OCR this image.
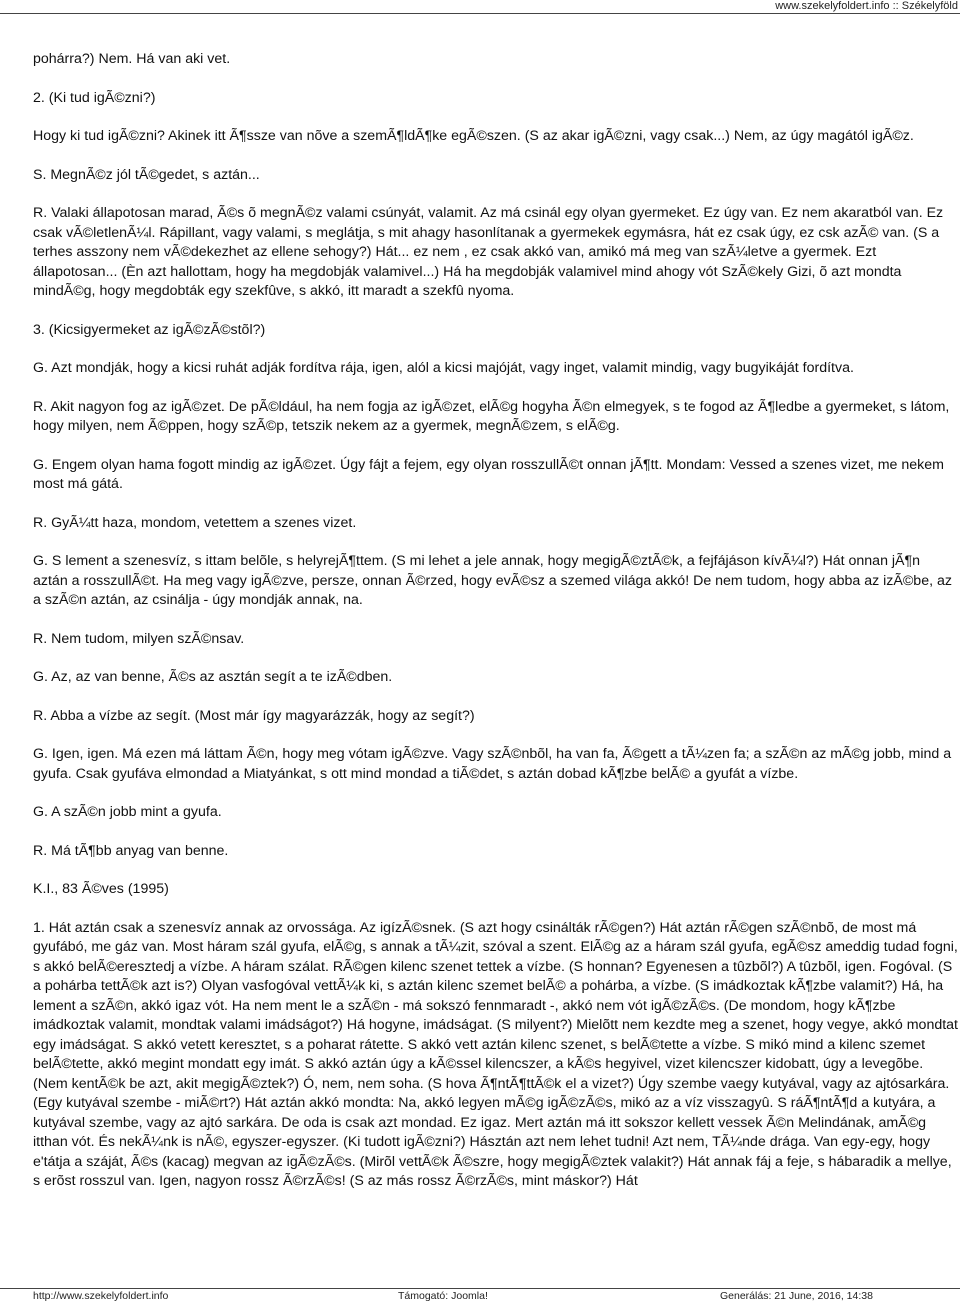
www.szekelyfoldert.info :: Székelyföld

pohárra?) Nem. Há van aki vet.

2. (Ki tud igÃ©zni?)

Hogy ki tud igÃ©zni? Akinek itt Ã¶ssze van nõve a szemÃ¶ldÃ¶ke egÃ©szen. (S az akar igÃ©zni, vagy csak...) Nem, az úgy magától igÃ©z.

S. MegnÃ©z jól tÃ©gedet, s aztán...

R. Valaki állapotosan marad, Ã©s õ megnÃ©z valami csúnyát, valamit. Az má csinál egy olyan gyermeket. Ez úgy van. Ez nem akaratból van. Ez csak vÃ©letlenÃ¼l. Rápillant, vagy valami, s meglátja, s mit ahagy hasonlítanak a gyermekek egymásra, hát ez csak úgy, ez csk azÃ© van. (S a terhes asszony nem vÃ©dekezhet az ellene sehogy?) Hát... ez nem , ez csak akkó van, amikó má meg van szÃ¼letve a gyermek. Ezt állapotosan... (Èn azt hallottam, hogy ha megdobják valamivel...) Há ha megdobják valamivel mind ahogy vót SzÃ©kely Gizi, õ azt mondta mindÃ©g, hogy megdobták egy szekfûve, s akkó, itt maradt a szekfû nyoma.

3. (Kicsigyermeket az igÃ©zÃ©stõl?)

G. Azt mondják, hogy a kicsi ruhát adják fordítva rája, igen, alól a kicsi majóját, vagy inget, valamit mindig, vagy bugyikáját fordítva.

R. Akit nagyon fog az igÃ©zet. De pÃ©ldául, ha nem fogja az igÃ©zet, elÃ©g hogyha Ã©n elmegyek, s te fogod az Ã¶ledbe a gyermeket, s látom, hogy milyen, nem Ã©ppen, hogy szÃ©p, tetszik nekem az a gyermek, megnÃ©zem, s elÃ©g.

G. Engem olyan hama fogott mindig az igÃ©zet. Úgy fájt a fejem, egy olyan rosszullÃ©t onnan jÃ¶tt. Mondam: Vessed a szenes vizet, me nekem most má gátá.

R. GyÃ¼tt haza, mondom, vetettem a szenes vizet.

G. S lement a szenesvíz, s ittam belõle, s helyrejÃ¶ttem. (S mi lehet a jele annak, hogy megigÃ©ztÃ©k, a fejfájáson kívÃ¼l?) Hát onnan jÃ¶n aztán a rosszullÃ©t. Ha meg vagy igÃ©zve, persze, onnan Ã©rzed, hogy evÃ©sz a szemed világa akkó! De nem tudom, hogy abba az izÃ©be, az a szÃ©n aztán, az csinálja - úgy mondják annak, na.

R. Nem tudom, milyen szÃ©nsav.

G. Az, az van benne, Ã©s az asztán segít a te izÃ©dben.

R. Abba a vízbe az segít. (Most már így magyarázzák, hogy az segít?)

G. Igen, igen. Má ezen má láttam Ã©n, hogy meg vótam igÃ©zve. Vagy szÃ©nbõl, ha van fa, Ã©gett a tÃ¼zen fa; a szÃ©n az mÃ©g jobb, mind a gyufa. Csak gyufáva elmondad a Miatyánkat, s ott mind mondad a tiÃ©det, s aztán dobad kÃ¶zbe belÃ© a gyufát a vízbe.

G. A szÃ©n jobb mint a gyufa.

R. Má tÃ¶bb anyag van benne.

K.I., 83 Ã©ves (1995)

1. Hát aztán csak a szenesvíz annak az orvossága. Az igízÃ©snek. (S azt hogy csinálták rÃ©gen?) Hát aztán rÃ©gen szÃ©nbõ, de most má gyufábó, me gáz van. Most háram szál gyufa, elÃ©g, s annak a tÃ¼zit, szóval a szent. ElÃ©g az a háram szál gyufa, egÃ©sz ameddig tudad fogni, s akkó belÃ©eresztedj a vízbe. A háram szálat. RÃ©gen kilenc szenet tettek a vízbe. (S honnan? Egyenesen a tûzbõl?) A tûzbõl, igen. Fogóval. (S a pohárba tettÃ©k azt is?) Olyan vasfogóval vettÃ¼k ki, s aztán kilenc szemet belÃ© a pohárba, a vízbe. (S imádkoztak kÃ¶zbe valamit?) Há, ha lement a szÃ©n, akkó igaz vót. Ha nem ment le a szÃ©n - má sokszó fennmaradt -, akkó nem vót igÃ©zÃ©s. (De mondom, hogy kÃ¶zbe imádkoztak valamit, mondtak valami imádságot?) Há hogyne, imádságat. (S milyent?) Mielõtt nem kezdte meg a szenet, hogy vegye, akkó mondtat egy imádságat. S akkó vetett keresztet, s a poharat rátette. S akkó vett aztán kilenc szenet, s belÃ©tette a vízbe. S mikó mind a kilenc szemet belÃ©tette, akkó megint mondatt egy imát. S akkó aztán úgy a kÃ©ssel kilencszer, a kÃ©s hegyivel, vizet kilencszer kidobatt, úgy a levegõbe. (Nem kentÃ©k be azt, akit megigÃ©ztek?) Ó, nem, nem soha. (S hova Ã¶ntÃ¶ttÃ©k el a vizet?) Úgy szembe vaegy kutyával, vagy az ajtósarkára. (Egy kutyával szembe - miÃ©rt?) Hát aztán akkó mondta: Na, akkó legyen mÃ©g igÃ©zÃ©s, mikó az a víz visszagyû. S ráÃ¶ntÃ¶d a kutyára, a kutyával szembe, vagy az ajtó sarkára. De oda is csak azt mondad. Ez igaz. Mert aztán má itt sokszor kellett vessek Ã©n Melindának, amÃ©g itthan vót. És nekÃ¼nk is nÃ©, egyszer-egyszer. (Ki tudott igÃ©zni?) Hásztán azt nem lehet tudni! Azt nem, TÃ¼nde drága. Van egy-egy, hogy e'tátja a száját, Ã©s (kacag) megvan az igÃ©zÃ©s. (Mirõl vettÃ©k Ã©szre, hogy megigÃ©ztek valakit?) Hát annak fáj a feje, s hábaradik a mellye, s erõst rosszul van. Igen, nagyon rossz Ã©rzÃ©s! (S az más rossz Ã©rzÃ©s, mint máskor?) Hát

http://www.szekelyfoldert.info	Támogató: Joomla!	Generálás: 21 June, 2016, 14:38
